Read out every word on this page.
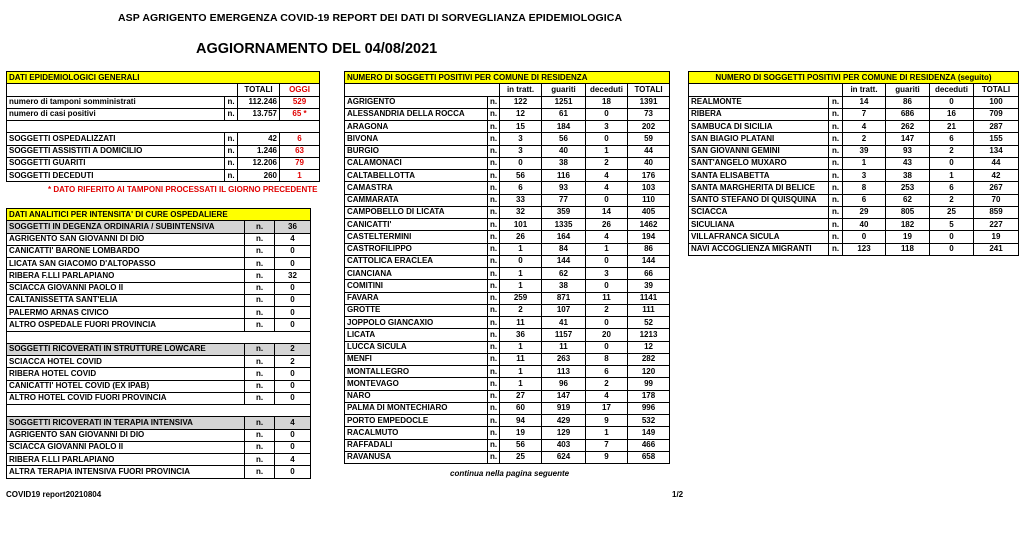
ASP AGRIGENTO EMERGENZA COVID-19 REPORT DEI DATI DI SORVEGLIANZA EPIDEMIOLOGICA
AGGIORNAMENTO DEL 04/08/2021
DATI EPIDEMIOLOGICI GENERALI			
		TOTALI	OGGI
numero di tamponi somministrati	n.	112.246	529
numero di casi positivi	n.	13.757	65 *

SOGGETTI OSPEDALIZZATI	n.	42	6
SOGGETTI ASSISTITI A DOMICILIO	n.	1.246	63
SOGGETTI GUARITI	n.	12.206	79
SOGGETTI DECEDUTI	n.	260	1
* DATO RIFERITO AI TAMPONI PROCESSATI IL GIORNO PRECEDENTE
DATI ANALITICI PER INTENSITA' DI CURE OSPEDALIERE		
SOGGETTI IN DEGENZA ORDINARIA / SUBINTENSIVA	n.	36
AGRIGENTO SAN GIOVANNI DI DIO	n.	4
CANICATTI' BARONE LOMBARDO	n.	0
LICATA SAN GIACOMO D'ALTOPASSO	n.	0
RIBERA F.LLI PARLAPIANO	n.	32
SCIACCA GIOVANNI PAOLO II	n.	0
CALTANISSETTA SANT'ELIA	n.	0
PALERMO ARNAS CIVICO	n.	0
ALTRO OSPEDALE FUORI PROVINCIA	n.	0

SOGGETTI RICOVERATI IN STRUTTURE LOWCARE	n.	2
SCIACCA HOTEL COVID	n.	2
RIBERA HOTEL COVID	n.	0
CANICATTI' HOTEL COVID (EX IPAB)	n.	0
ALTRO HOTEL COVID FUORI PROVINCIA	n.	0

SOGGETTI RICOVERATI IN TERAPIA INTENSIVA	n.	4
AGRIGENTO SAN GIOVANNI DI DIO	n.	0
SCIACCA GIOVANNI PAOLO II	n.	0
RIBERA F.LLI PARLAPIANO	n.	4
ALTRA TERAPIA INTENSIVA FUORI PROVINCIA	n.	0
NUMERO DI SOGGETTI POSITIVI PER COMUNE DI RESIDENZA					
		in tratt.	guariti	deceduti	TOTALI
AGRIGENTO	n.	122	1251	18	1391
ALESSANDRIA DELLA ROCCA	n.	12	61	0	73
ARAGONA	n.	15	184	3	202
BIVONA	n.	3	56	0	59
BURGIO	n.	3	40	1	44
CALAMONACI	n.	0	38	2	40
CALTABELLOTTA	n.	56	116	4	176
CAMASTRA	n.	6	93	4	103
CAMMARATA	n.	33	77	0	110
CAMPOBELLO DI LICATA	n.	32	359	14	405
CANICATTI'	n.	101	1335	26	1462
CASTELTERMINI	n.	26	164	4	194
CASTROFILIPPO	n.	1	84	1	86
CATTOLICA ERACLEA	n.	0	144	0	144
CIANCIANA	n.	1	62	3	66
COMITINI	n.	1	38	0	39
FAVARA	n.	259	871	11	1141
GROTTE	n.	2	107	2	111
JOPPOLO GIANCAXIO	n.	11	41	0	52
LICATA	n.	36	1157	20	1213
LUCCA SICULA	n.	1	11	0	12
MENFI	n.	11	263	8	282
MONTALLEGRO	n.	1	113	6	120
MONTEVAGO	n.	1	96	2	99
NARO	n.	27	147	4	178
PALMA DI MONTECHIARO	n.	60	919	17	996
PORTO EMPEDOCLE	n.	94	429	9	532
RACALMUTO	n.	19	129	1	149
RAFFADALI	n.	56	403	7	466
RAVANUSA	n.	25	624	9	658
continua nella pagina seguente
NUMERO DI SOGGETTI POSITIVI PER COMUNE DI RESIDENZA (seguito)					
		in tratt.	guariti	deceduti	TOTALI
REALMONTE	n.	14	86	0	100
RIBERA	n.	7	686	16	709
SAMBUCA DI SICILIA	n.	4	262	21	287
SAN BIAGIO PLATANI	n.	2	147	6	155
SAN GIOVANNI GEMINI	n.	39	93	2	134
SANT'ANGELO MUXARO	n.	1	43	0	44
SANTA ELISABETTA	n.	3	38	1	42
SANTA MARGHERITA DI BELICE	n.	8	253	6	267
SANTO STEFANO DI QUISQUINA	n.	6	62	2	70
SCIACCA	n.	29	805	25	859
SICULIANA	n.	40	182	5	227
VILLAFRANCA SICULA	n.	0	19	0	19
NAVI ACCOGLIENZA MIGRANTI	n.	123	118	0	241
COVID19 report20210804	1/2
